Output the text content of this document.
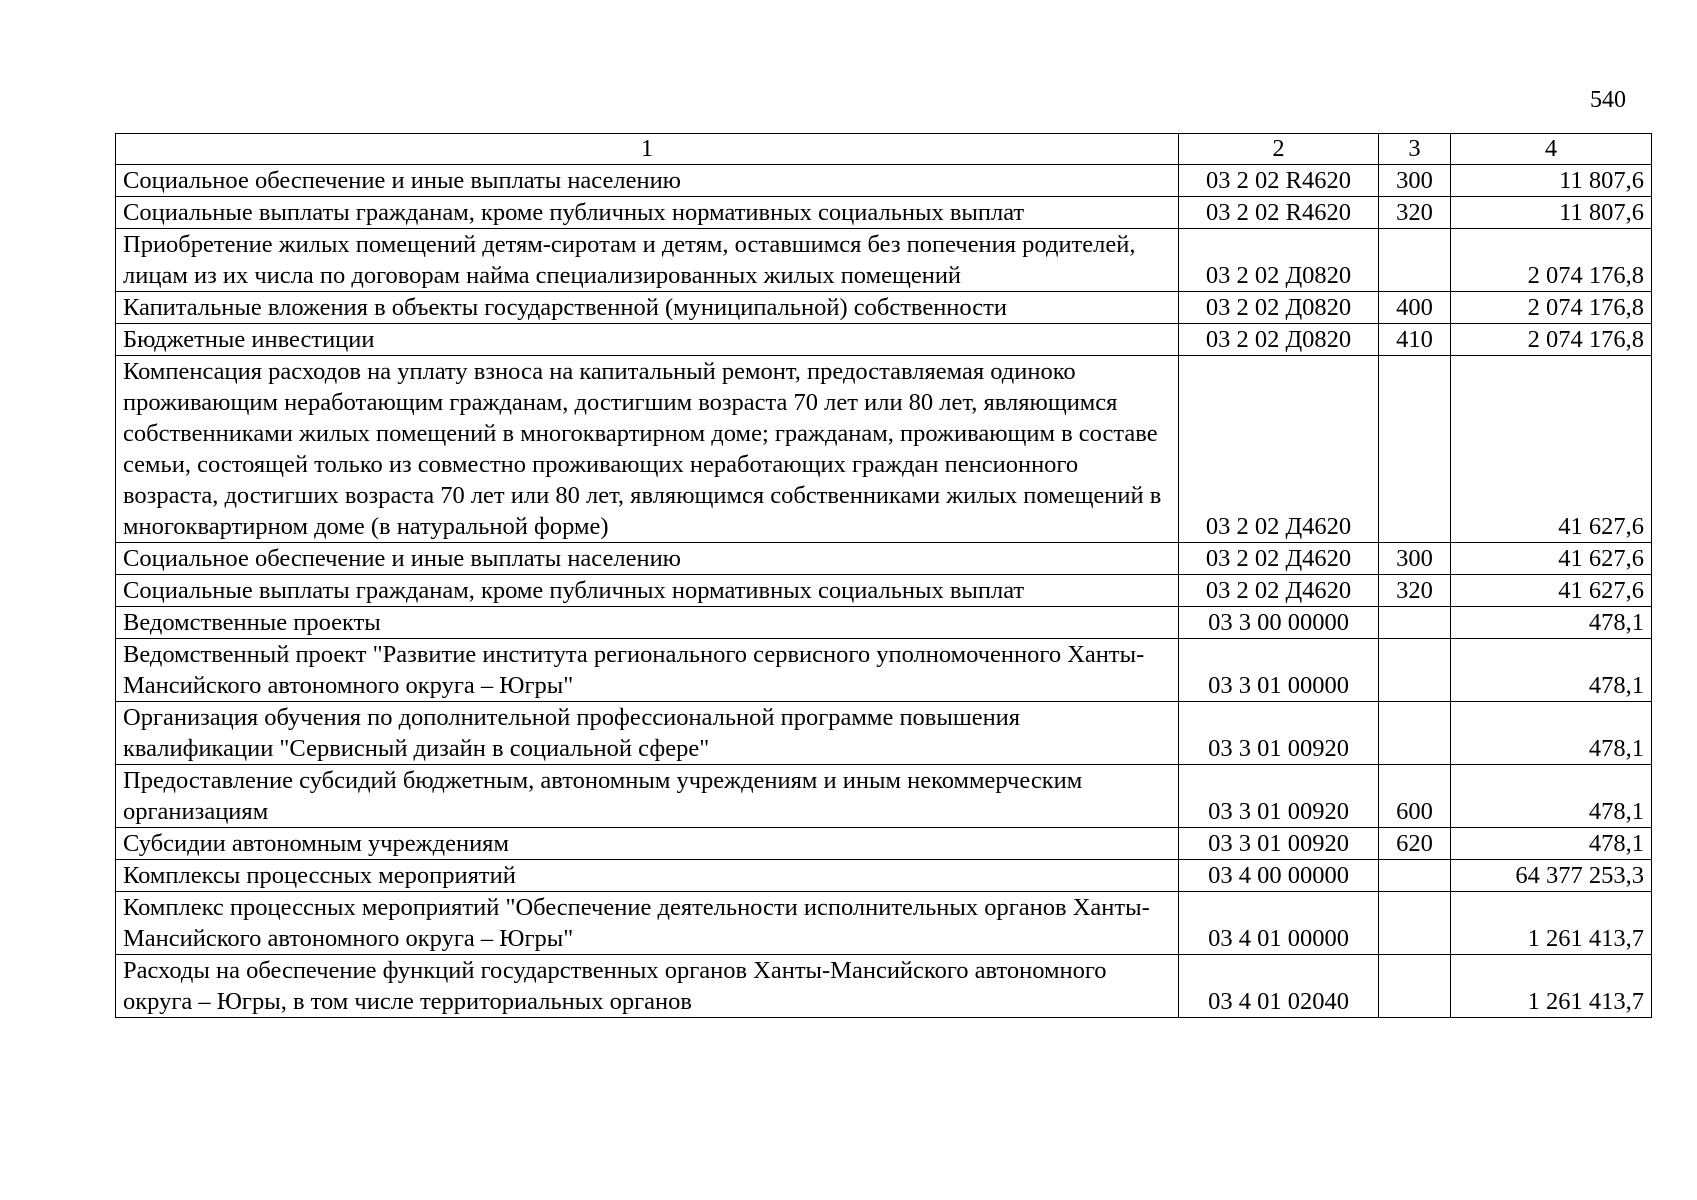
540
1	2	3	4
Социальное обеспечение и иные выплаты населению	03 2 02 R4620	300	11 807,6
Социальные выплаты гражданам, кроме публичных нормативных социальных выплат	03 2 02 R4620	320	11 807,6
Приобретение жилых помещений детям-сиротам и детям, оставшимся без попечения родителей, лицам из их числа по договорам найма специализированных жилых помещений	03 2 02 Д0820		2 074 176,8
Капитальные вложения в объекты государственной (муниципальной) собственности	03 2 02 Д0820	400	2 074 176,8
Бюджетные инвестиции	03 2 02 Д0820	410	2 074 176,8
Компенсация расходов на уплату взноса на капитальный ремонт, предоставляемая одиноко проживающим неработающим гражданам, достигшим возраста 70 лет или 80 лет, являющимся собственниками жилых помещений в многоквартирном доме; гражданам, проживающим в составе семьи, состоящей только из совместно проживающих неработающих граждан пенсионного возраста, достигших возраста 70 лет или 80 лет, являющимся собственниками жилых помещений в многоквартирном доме (в натуральной форме)	03 2 02 Д4620		41 627,6
Социальное обеспечение и иные выплаты населению	03 2 02 Д4620	300	41 627,6
Социальные выплаты гражданам, кроме публичных нормативных социальных выплат	03 2 02 Д4620	320	41 627,6
Ведомственные проекты	03 3 00 00000		478,1
Ведомственный проект "Развитие института регионального сервисного уполномоченного Ханты-Мансийского автономного округа – Югры"	03 3 01 00000		478,1
Организация обучения по дополнительной профессиональной программе повышения квалификации "Сервисный дизайн в социальной сфере"	03 3 01 00920		478,1
Предоставление субсидий бюджетным, автономным учреждениям и иным некоммерческим организациям	03 3 01 00920	600	478,1
Субсидии автономным учреждениям	03 3 01 00920	620	478,1
Комплексы процессных мероприятий	03 4 00 00000		64 377 253,3
Комплекс процессных мероприятий "Обеспечение деятельности исполнительных органов Ханты-Мансийского автономного округа – Югры"	03 4 01 00000		1 261 413,7
Расходы на обеспечение функций государственных органов Ханты-Мансийского автономного округа – Югры, в том числе территориальных органов	03 4 01 02040		1 261 413,7
